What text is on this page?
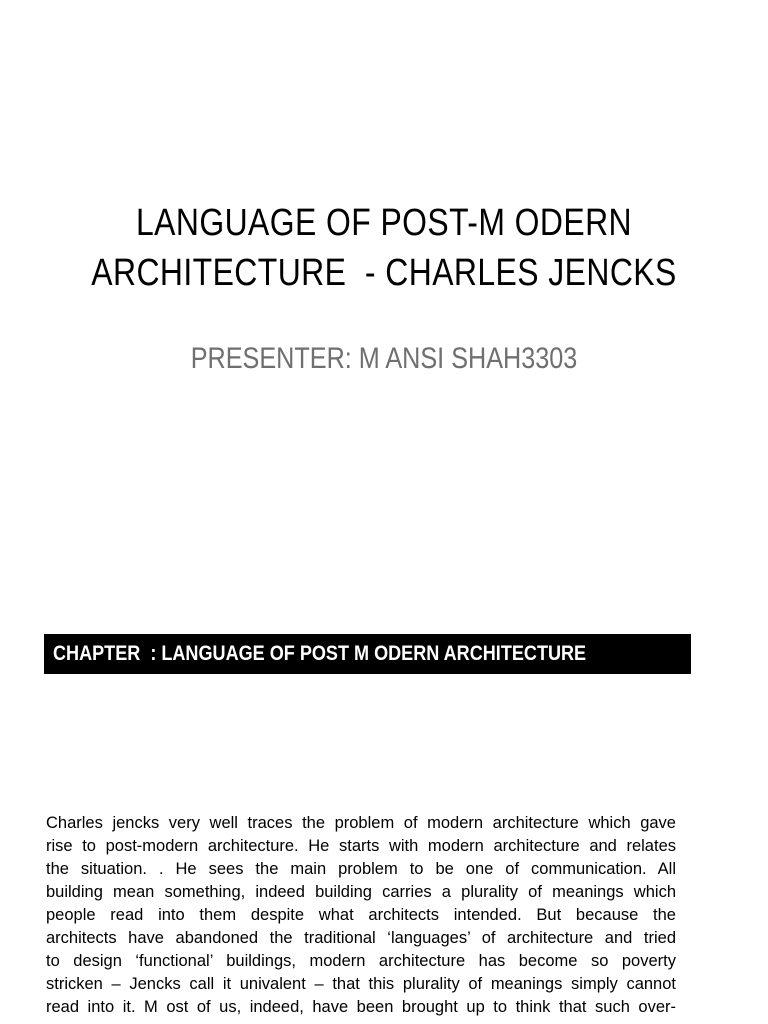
LANGUAGE OF POST-M ODERN
ARCHITECTURE  - CHARLES JENCKS
PRESENTER: M ANSI SHAH3303
CHAPTER  : LANGUAGE OF POST M ODERN ARCHITECTURE

Charles jencks very well traces the problem of modern architecture which gave
rise to post-modern architecture. He starts with modern architecture and relates
the situation. . He sees the main problem to be one of communication. All
building mean something, indeed building carries a plurality of meanings which
people read into them despite what architects intended. But because the
architects have abandoned the traditional ‘languages’ of architecture and tried
to design ‘functional’ buildings, modern architecture has become so poverty
stricken – Jencks call it univalent – that this plurality of meanings simply cannot
read into it. M ost of us, indeed, have been brought up to think that such over-
